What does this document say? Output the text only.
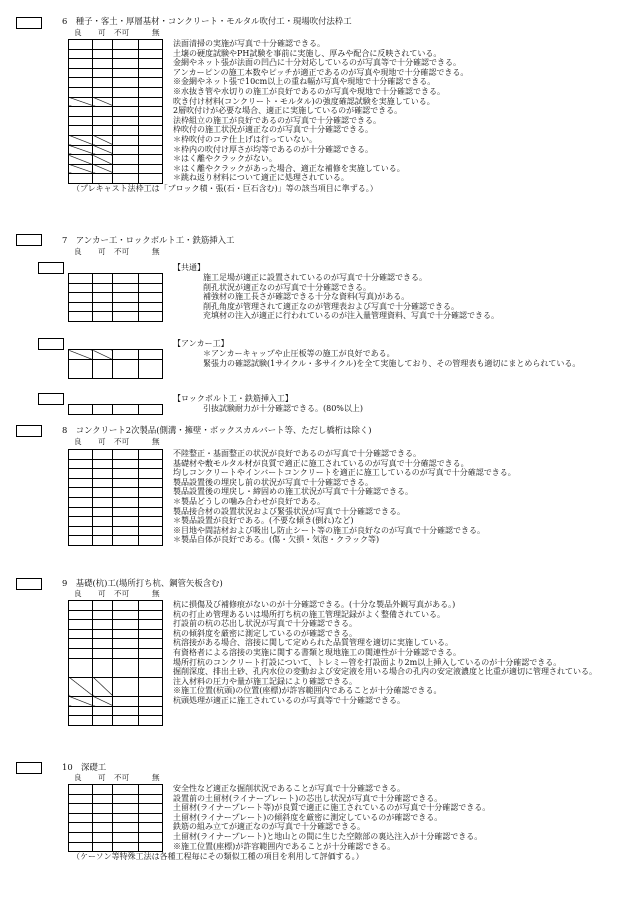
6　種子・客土・厚層基材・コンクリート・モルタル吹付工・現場吹付法枠工
良 可 不可	無

法面清掃の実施が写真で十分確認できる。
土壌の硬度試験やPH試験を事前に実施し、厚みや配合に反映されている。
金網やネット張が法面の凹凸に十分対応しているのが写真等で十分確認できる。
アンカーピンの施工本数やピッチが適正であるのが写真や現地で十分確認できる。
※金網やネット張で10cm以上の重ね幅が写真や現地で十分確認できる。
※水抜き管や水切りの施工が良好であるのが写真や現地で十分確認できる。
吹き付け材料(コンクリート・モルタル)の強度確認試験を実施している。
2層吹付けが必要な場合、適正に実施しているのが確認できる。
法枠組立の施工が良好であるのが写真で十分確認できる。
枠吹付の施工状況が適正なのが写真で十分確認できる。
＊枠吹付のコテ仕上げは行っていない。
＊枠内の吹付け厚さが均等であるのが十分確認できる。
＊はく離やクラックがない。
＊はく離やクラックがあった場合、適正な補修を実施している。
＊跳ね返り材料について適正に処理されている。
（プレキャスト法枠工は「ブロック積・張(石・巨石含む)」等の該当項目に準ずる。）
7　アンカー工・ロックボルト工・鉄筋挿入工
良 可 不可	無
【共通】

施工足場が適正に設置されているのが写真で十分確認できる。
削孔状況が適正なのが写真で十分確認できる。
補強材の施工長さが確認できる十分な資料(写真)がある。
削孔角度が管理されて適正なのが管理表および写真で十分確認できる。
充填材の注入が適正に行われているのが注入量管理資料、写真で十分確認できる。
【アンカー工】

＊アンカーキャップや止圧板等の施工が良好である。
緊張力の確認試験(1サイクル・多サイクル)を全て実施しており、その管理表も適切にまとめられている。
【ロックボルト工・鉄筋挿入工】

引抜試験耐力が十分確認できる。(80%以上)
8　コンクリート2次製品(側溝・擁壁・ボックスカルバート等、ただし橋桁は除く)
良 可 不可	無

不陸整正・基面整正の状況が良好であるのが写真で十分確認できる。
基礎材や敷モルタル材が良質で適正に施工されているのが写真で十分確認できる。
均しコンクリートやインバートコンクリートを適正に施工しているのが写真で十分確認できる。
製品設置後の埋戻し前の状況が写真で十分確認できる。
製品設置後の埋戻し・締固めの施工状況が写真で十分確認できる。
＊製品どうしの噛み合わせが良好である。
製品接合材の設置状況および緊張状況が写真で十分確認できる。
＊製品設置が良好である。(不要な傾き(倒れ)など)
※目地や間詰材および吸出し防止シート等の施工が良好なのが写真で十分確認できる。
＊製品自体が良好である。(傷・欠損・気泡・クラック等)
9　基礎(杭)工(場所打ち杭、鋼管矢板含む)
良 可 不可	無

杭に損傷及び補修痕がないのが十分確認できる。(十分な製品外観写真がある。)
杭の打止め管理あるいは場所打ち杭の施工管理記録がよく整備されている。
打設前の杭の芯出し状況が写真で十分確認できる。
杭の傾斜度を厳密に測定しているのが確認できる。
杭溶接がある場合、溶接に関して定められた品質管理を適切に実施している。
有資格者による溶接の実施に関する書類と現地施工の関連性が十分確認できる。
場所打杭のコンクリート打設について、トレミー管を打設面より2m以上挿入しているのが十分確認できる。
掘削深度、排出土砂、孔内水位の変動および安定液を用いる場合の孔内の安定液濃度と比重が適切に管理されている。
注入材料の圧力や量が施工記録により確認できる。
※施工位置(杭頭)の位置(座標)が許容範囲内であることが十分確認できる。
杭頭処理が適正に施工されているのが写真等で十分確認できる。
10　深礎工
良 可 不可	無

安全性など適正な掘削状況であることが写真で十分確認できる。
設置前の土留材(ライナープレート)の芯出し状況が写真で十分確認できる。
土留材(ライナープレート等)が良質で適正に施工されているのが写真で十分確認できる。
土留材(ライナープレート)の傾斜度を厳密に測定しているのが確認できる。
鉄筋の組み立てが適正なのが写真で十分確認できる。
土留材(ライナープレート)と地山との間に生じた空隙部の裏込注入が十分確認できる。
※施工位置(座標)が許容範囲内であることが十分確認できる。
（ケーソン等特殊工法は各種工程毎にその類似工種の項目を利用して評価する。）
